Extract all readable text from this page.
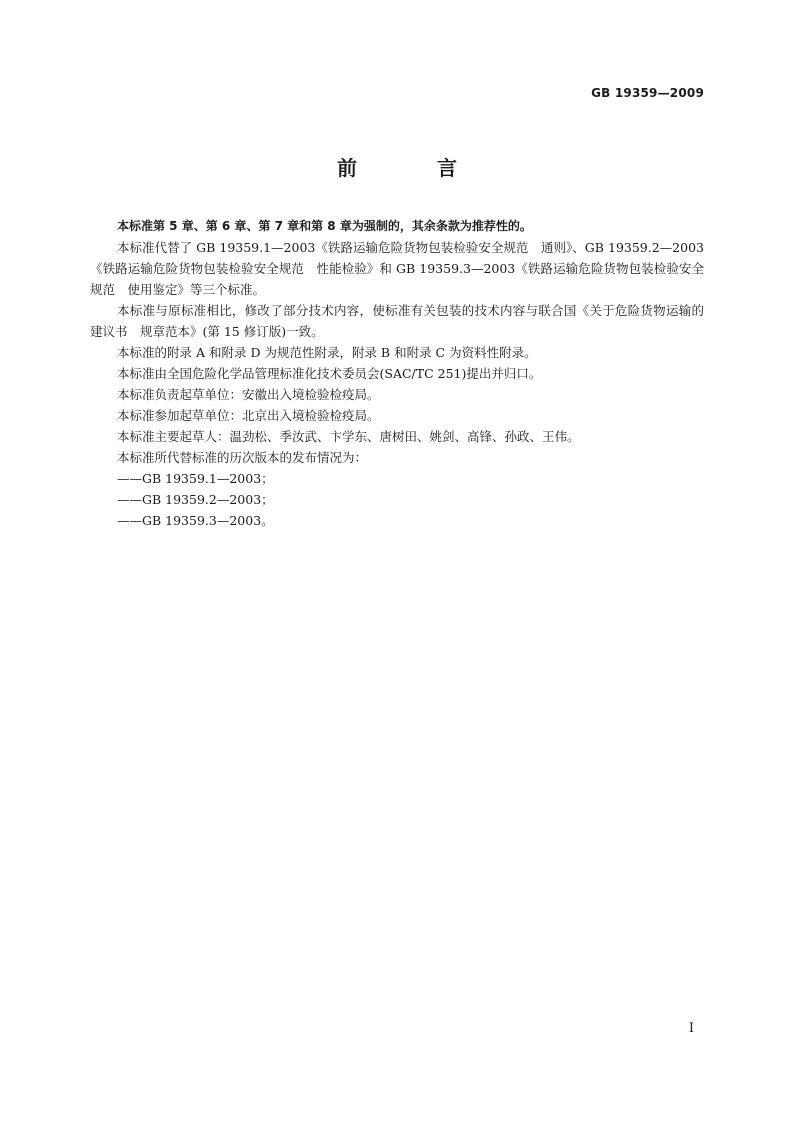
GB 19359—2009
前　言

本标准第 5 章、第 6 章、第 7 章和第 8 章为强制的，其余条款为推荐性的。

本标准代替了 GB 19359.1—2003《铁路运输危险货物包装检验安全规范　通则》、GB 19359.2—2003《铁路运输危险货物包装检验安全规范　性能检验》和 GB 19359.3—2003《铁路运输危险货物包装检验安全规范　使用鉴定》等三个标准。

本标准与原标准相比，修改了部分技术内容，使标准有关包装的技术内容与联合国《关于危险货物运输的建议书　规章范本》(第 15 修订版)一致。

本标准的附录 A 和附录 D 为规范性附录，附录 B 和附录 C 为资料性附录。

本标准由全国危险化学品管理标准化技术委员会(SAC/TC 251)提出并归口。

本标准负责起草单位：安徽出入境检验检疫局。

本标准参加起草单位：北京出入境检验检疫局。

本标准主要起草人：温劲松、季汝武、卞学东、唐树田、姚剑、高锋、孙政、王伟。

本标准所代替标准的历次版本的发布情况为：

——GB 19359.1—2003；

——GB 19359.2—2003；

——GB 19359.3—2003。

I
